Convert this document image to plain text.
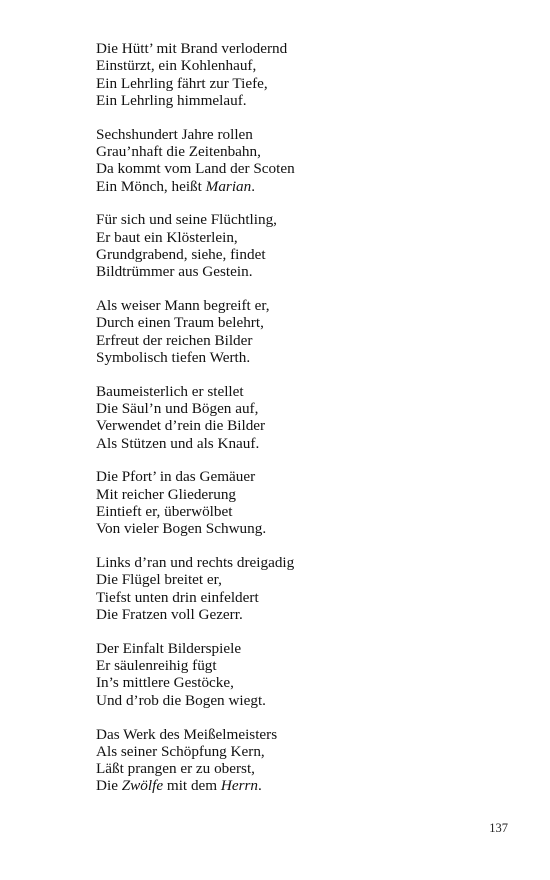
Die Hütt’ mit Brand verlodernd
Einstürzt, ein Kohlenhauf,
Ein Lehrling fährt zur Tiefe,
Ein Lehrling himmelauf.
Sechshundert Jahre rollen
Grau’nhaft die Zeitenbahn,
Da kommt vom Land der Scoten
Ein Mönch, heißt Marian.
Für sich und seine Flüchtling,
Er baut ein Klösterlein,
Grundgrabend, siehe, findet
Bildtrümmer aus Gestein.
Als weiser Mann begreift er,
Durch einen Traum belehrt,
Erfreut der reichen Bilder
Symbolisch tiefen Werth.
Baumeisterlich er stellet
Die Säul’n und Bögen auf,
Verwendet d’rein die Bilder
Als Stützen und als Knauf.
Die Pfort’ in das Gemäuer
Mit reicher Gliederung
Eintieft er, überwölbet
Von vieler Bogen Schwung.
Links d’ran und rechts dreigadig
Die Flügel breitet er,
Tiefst unten drin einfeldert
Die Fratzen voll Gezerr.
Der Einfalt Bilderspiele
Er säulenreihig fügt
In’s mittlere Gestöcke,
Und d’rob die Bogen wiegt.
Das Werk des Meißelmeisters
Als seiner Schöpfung Kern,
Läßt prangen er zu oberst,
Die Zwölfe mit dem Herrn.
137
